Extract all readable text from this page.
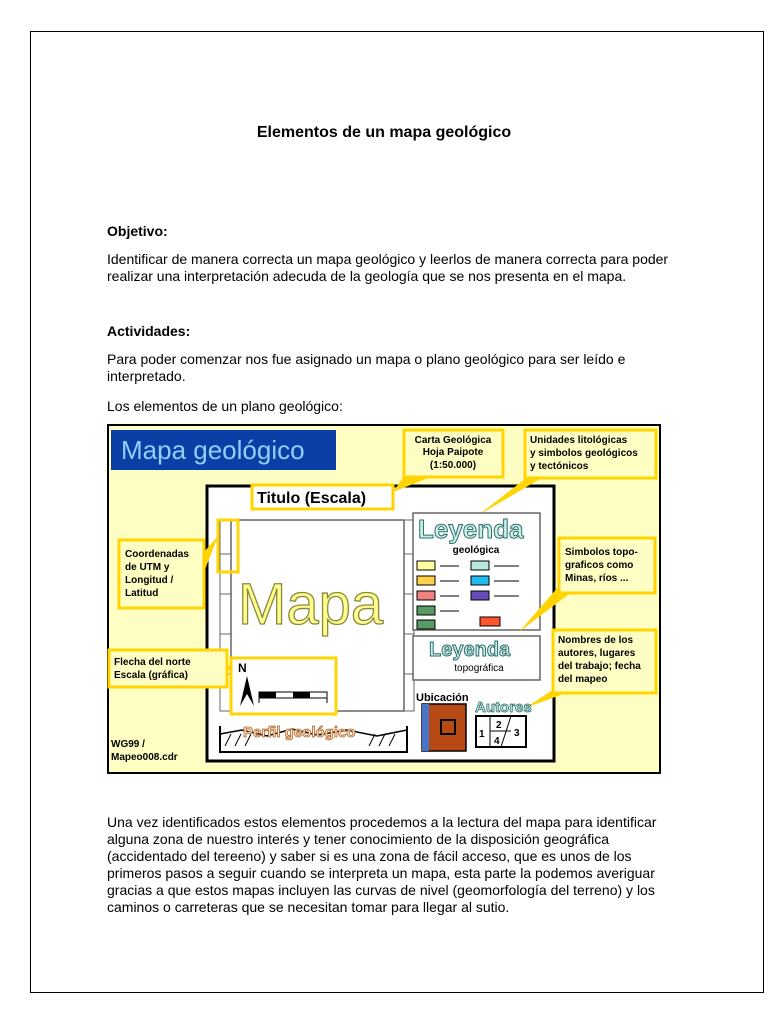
Elementos de un mapa geológico
Objetivo:
Identificar de manera correcta un mapa geológico y leerlos de manera correcta para poder
realizar una interpretación adecuda de la geología que se nos presenta en el mapa.
Actividades:
Para poder comenzar nos fue asignado un mapa o plano geológico para ser leído e
interpretado.
Los elementos de un plano geológico:
Mapa geológico
Mapa
Titulo (Escala)
Carta Geológica
Hoja Paipote
(1:50.000)
Unidades litológicas
y simbolos geológicos
y tectónicos
Leyenda
geológica	Simbolos topo-
graficos como
Minas, ríos ...
Leyenda
topográfica
Coordenadas
de UTM y
Longitud /
Latitud
Flecha del norte
Escala (gráfica)
N
Perfil geológico
Ubicación
Nombres de los
autores, lugares
del trabajo; fecha
del mapeo
Autores
1
2
3
4
WG99 /
Mapeo008.cdr
Una vez identificados estos elementos procedemos a la lectura del mapa para identificar
alguna zona de nuestro interés y tener conocimiento de la disposición geográfica
(accidentado del tereeno) y saber si es una zona de fácil acceso, que es unos de los
primeros pasos a seguir cuando se interpreta un mapa, esta parte la podemos averiguar
gracias a que estos mapas incluyen las curvas de nivel (geomorfología del terreno) y los
caminos o carreteras que se necesitan tomar para llegar al sutio.
